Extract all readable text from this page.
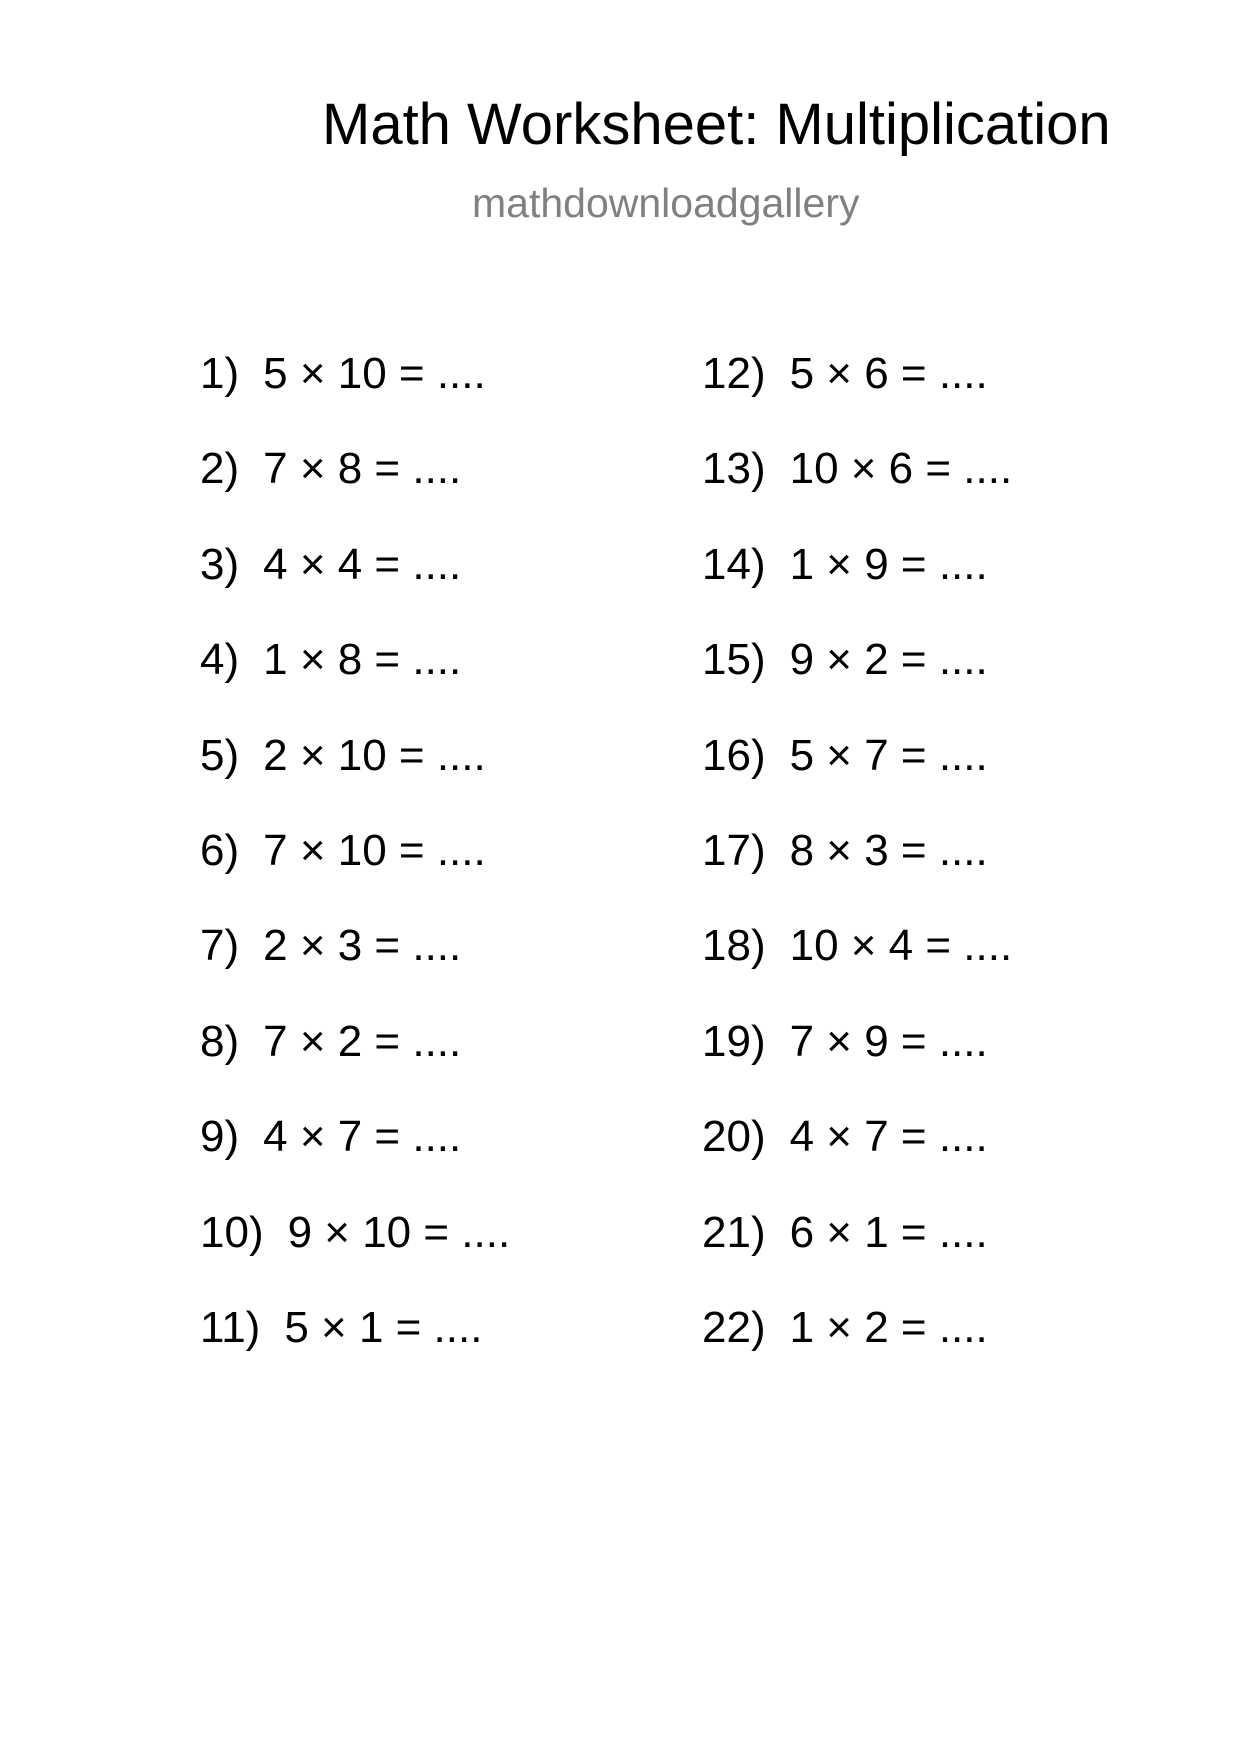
Math Worksheet: Multiplication
mathdownloadgallery
1) 5 × 10 = ....
2) 7 × 8 = ....
3) 4 × 4 = ....
4) 1 × 8 = ....
5) 2 × 10 = ....
6) 7 × 10 = ....
7) 2 × 3 = ....
8) 7 × 2 = ....
9) 4 × 7 = ....
10) 9 × 10 = ....
11) 5 × 1 = ....
12) 5 × 6 = ....
13) 10 × 6 = ....
14) 1 × 9 = ....
15) 9 × 2 = ....
16) 5 × 7 = ....
17) 8 × 3 = ....
18) 10 × 4 = ....
19) 7 × 9 = ....
20) 4 × 7 = ....
21) 6 × 1 = ....
22) 1 × 2 = ....
